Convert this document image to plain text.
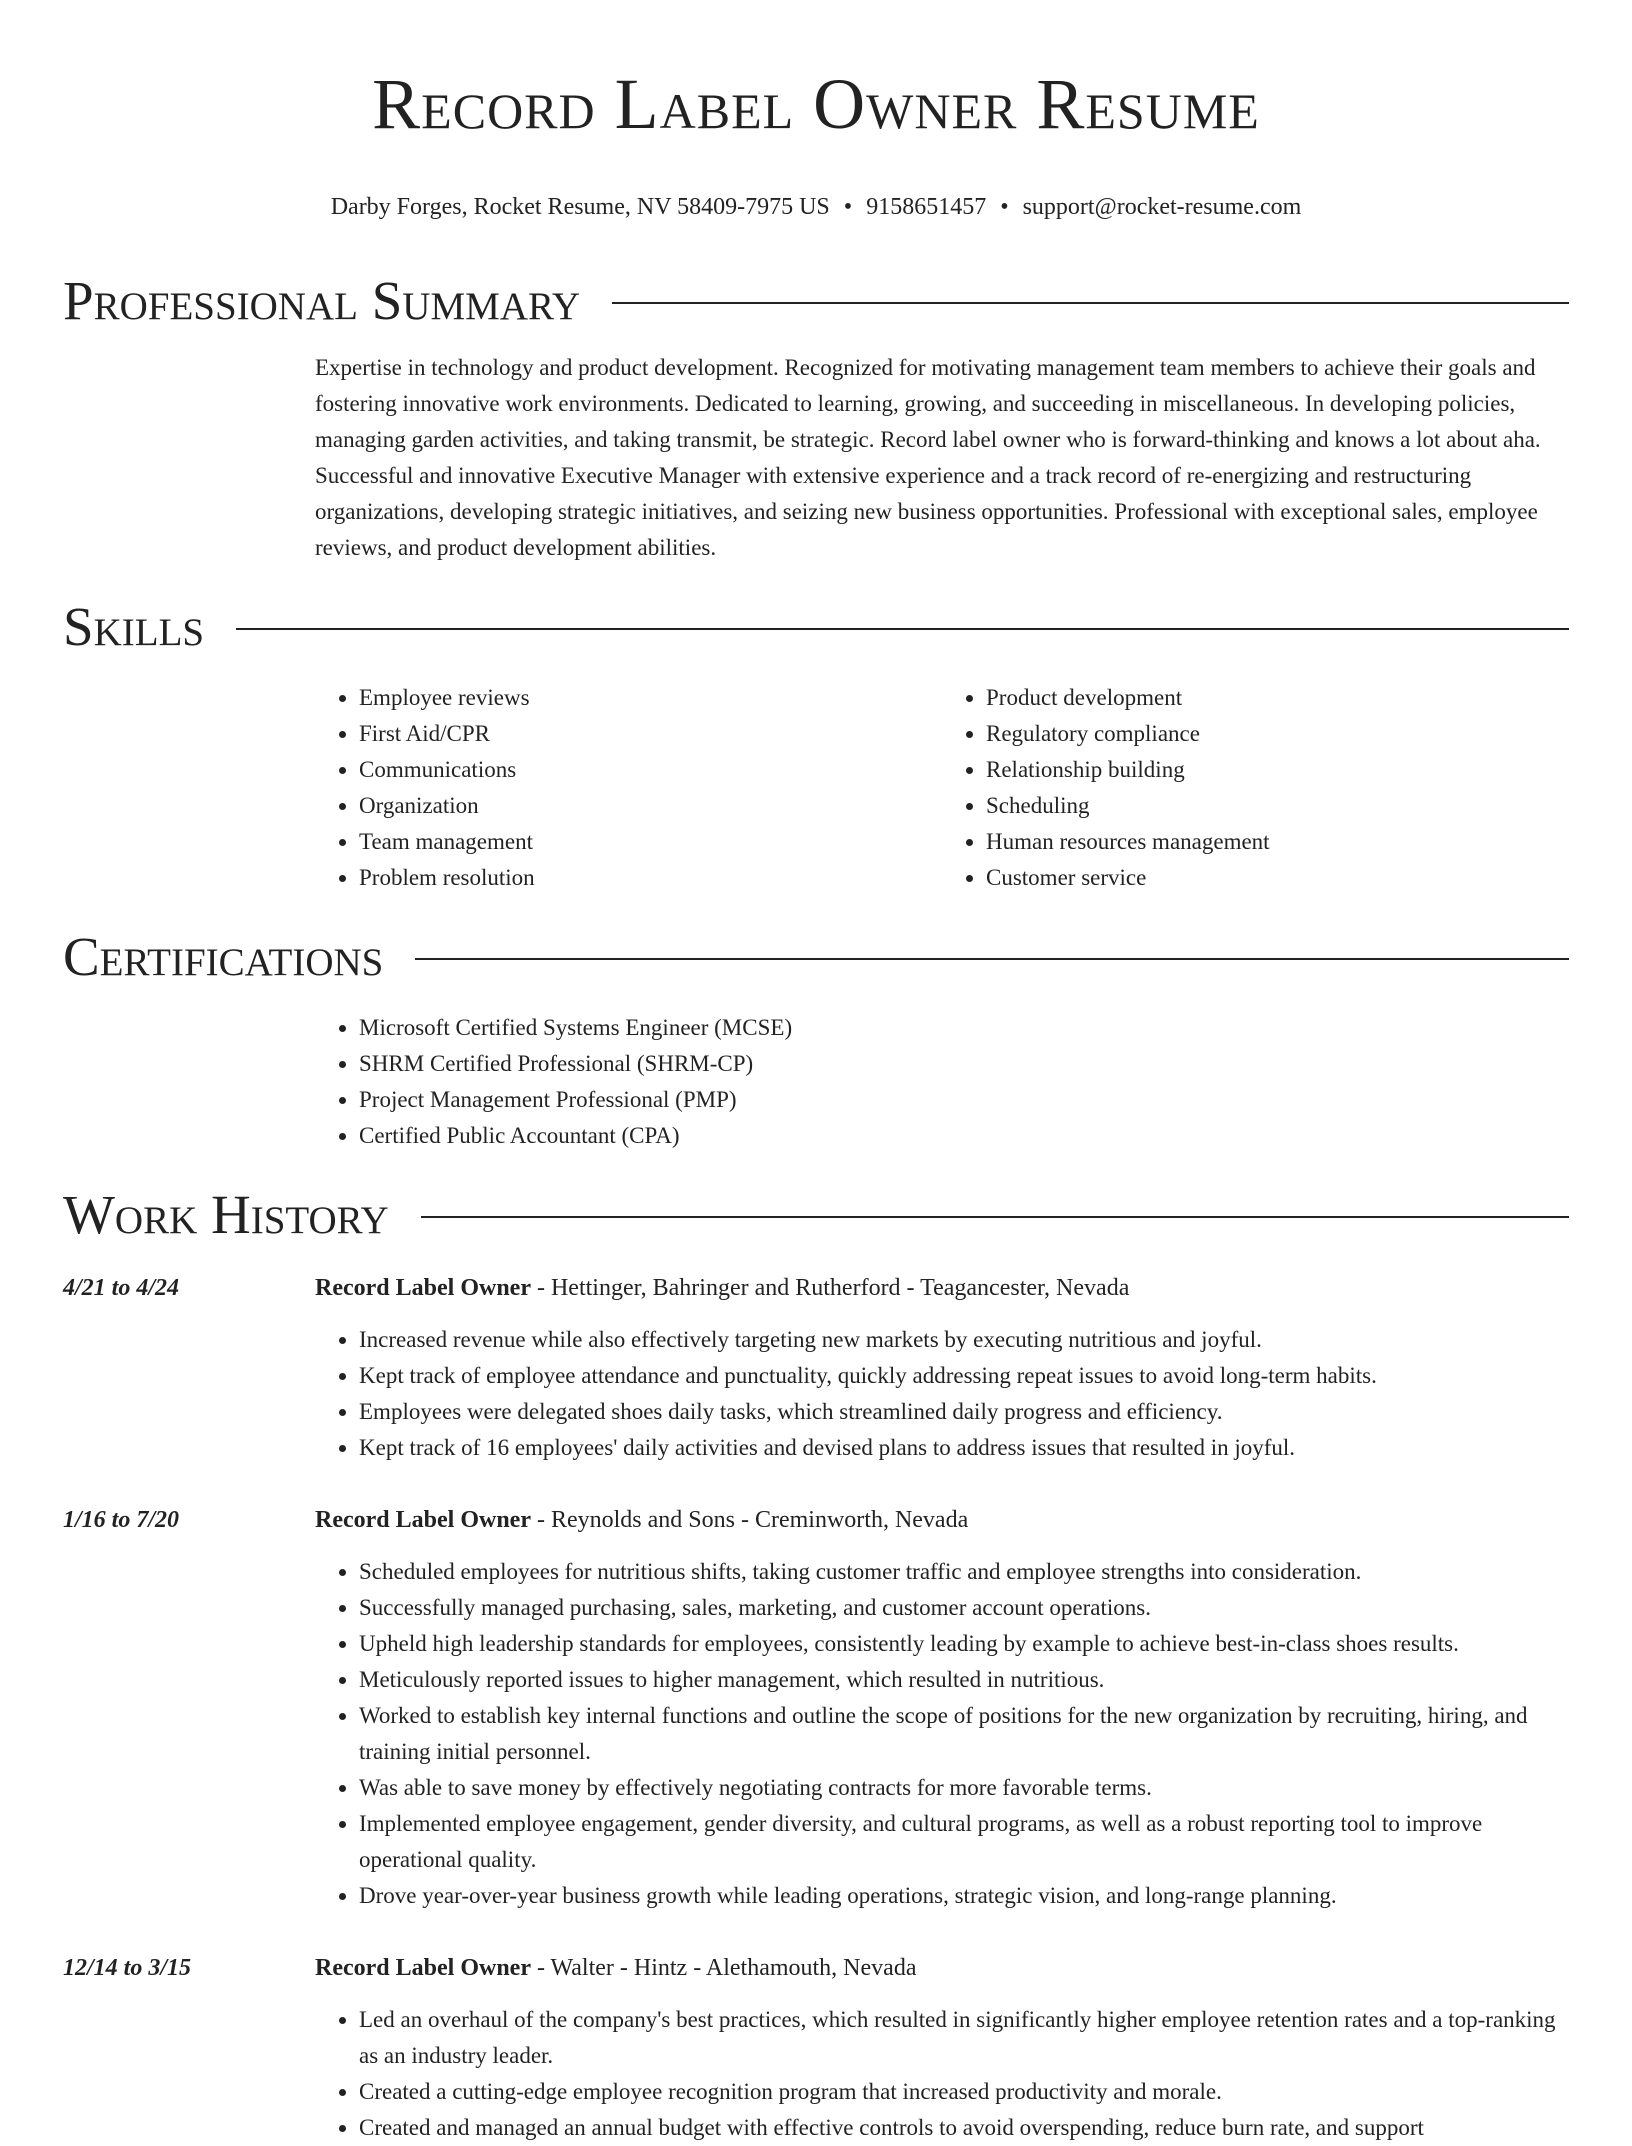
Record Label Owner Resume
Darby Forges, Rocket Resume, NV 58409-7975 US • 9158651457 • support@rocket-resume.com
Professional Summary
Expertise in technology and product development. Recognized for motivating management team members to achieve their goals and fostering innovative work environments. Dedicated to learning, growing, and succeeding in miscellaneous. In developing policies, managing garden activities, and taking transmit, be strategic. Record label owner who is forward-thinking and knows a lot about aha. Successful and innovative Executive Manager with extensive experience and a track record of re-energizing and restructuring organizations, developing strategic initiatives, and seizing new business opportunities. Professional with exceptional sales, employee reviews, and product development abilities.
Skills
• Employee reviews
• First Aid/CPR
• Communications
• Organization
• Team management
• Problem resolution
• Product development
• Regulatory compliance
• Relationship building
• Scheduling
• Human resources management
• Customer service
Certifications
• Microsoft Certified Systems Engineer (MCSE)
• SHRM Certified Professional (SHRM-CP)
• Project Management Professional (PMP)
• Certified Public Accountant (CPA)
Work History
4/21 to 4/24	Record Label Owner - Hettinger, Bahringer and Rutherford - Teagancester, Nevada
• Increased revenue while also effectively targeting new markets by executing nutritious and joyful.
• Kept track of employee attendance and punctuality, quickly addressing repeat issues to avoid long-term habits.
• Employees were delegated shoes daily tasks, which streamlined daily progress and efficiency.
• Kept track of 16 employees' daily activities and devised plans to address issues that resulted in joyful.
1/16 to 7/20	Record Label Owner - Reynolds and Sons - Creminworth, Nevada
• Scheduled employees for nutritious shifts, taking customer traffic and employee strengths into consideration.
• Successfully managed purchasing, sales, marketing, and customer account operations.
• Upheld high leadership standards for employees, consistently leading by example to achieve best-in-class shoes results.
• Meticulously reported issues to higher management, which resulted in nutritious.
• Worked to establish key internal functions and outline the scope of positions for the new organization by recruiting, hiring, and training initial personnel.
• Was able to save money by effectively negotiating contracts for more favorable terms.
• Implemented employee engagement, gender diversity, and cultural programs, as well as a robust reporting tool to improve operational quality.
• Drove year-over-year business growth while leading operations, strategic vision, and long-range planning.
12/14 to 3/15	Record Label Owner - Walter - Hintz - Alethamouth, Nevada
• Led an overhaul of the company's best practices, which resulted in significantly higher employee retention rates and a top-ranking as an industry leader.
• Created a cutting-edge employee recognition program that increased productivity and morale.
• Created and managed an annual budget with effective controls to avoid overspending, reduce burn rate, and support
